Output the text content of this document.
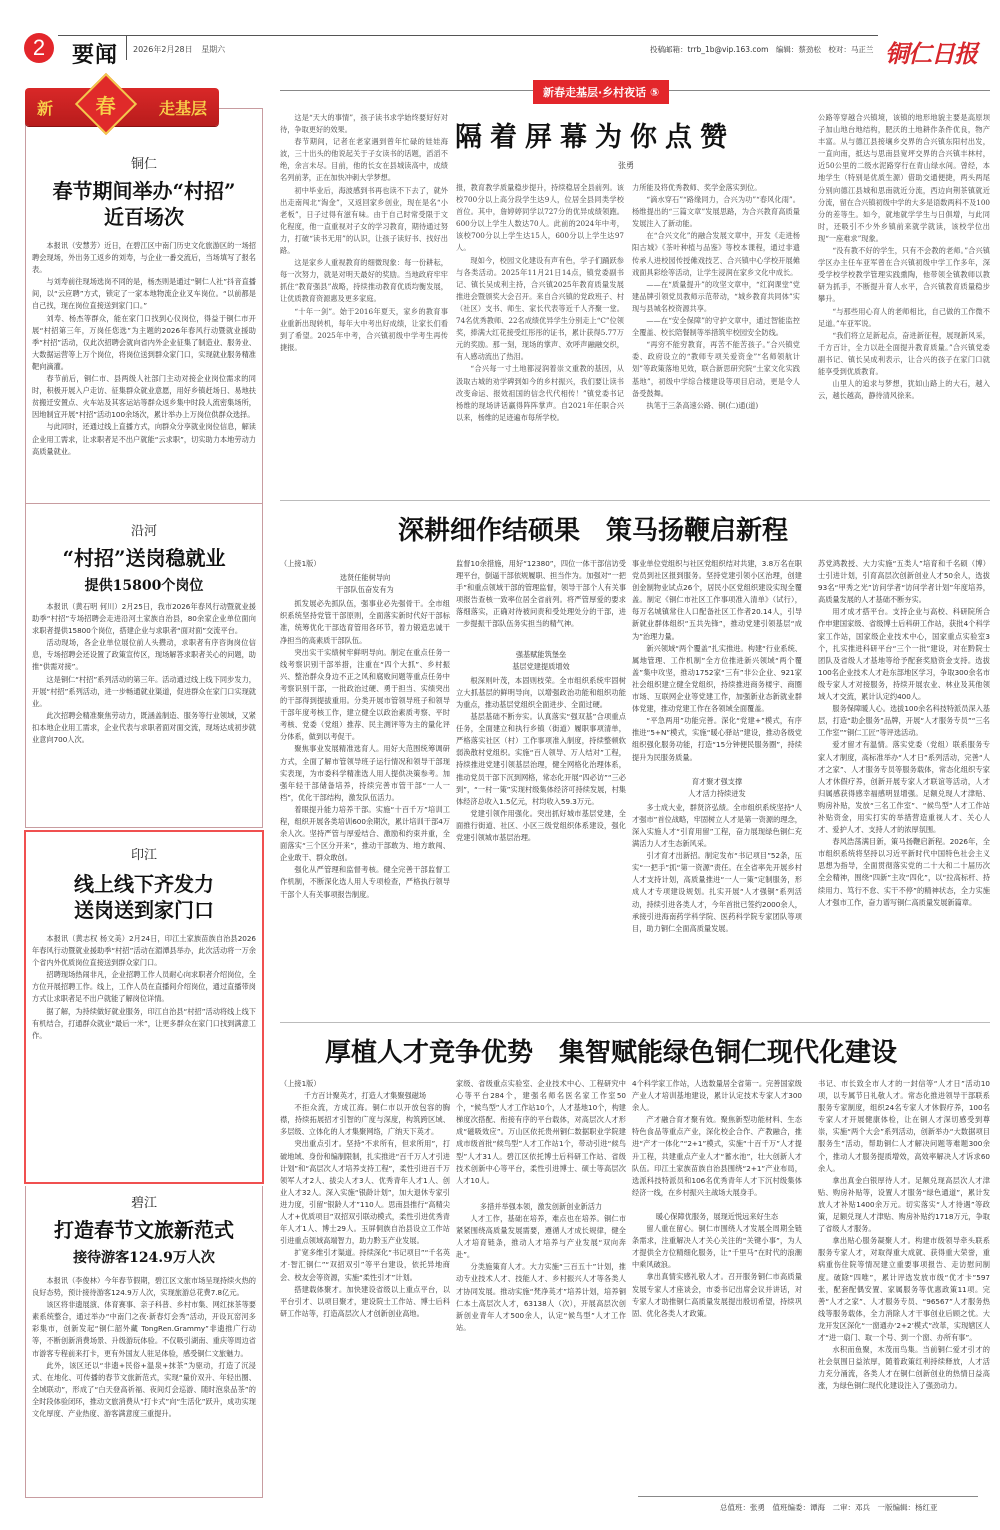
2	要闻 2026年2月28日 星期六	投稿邮箱：trrb_1b@vip.163.com　编辑：蔡劲松　校对：马正兰 铜仁日报
铜仁
春节期间举办“村招”
近百场次

本报讯（安慧芳）近日，在碧江区中南门历史文化旅游区的一场招聘会现场，外出务工返乡的刘寿，与企业一番交流后，当场填写了报名表。

与刘寿前往现场选岗不同的是，杨杰则是通过“铜仁人社”抖音直播间，以“云应聘”方式，锁定了一家本地物流企业叉车岗位。“以前都是自己找，现在岗位直接送到家门口。”

刘寿、杨杰等群众，能在家门口找到心仪岗位，得益于铜仁市开展“村招第三年，万岗任您选”为主题的2026年春风行动暨就业援助季“村招”活动，仅此次招聘会就向省内外企业征集了制造业、服务业、大数据运营等上万个岗位，将岗位送到群众家门口，实现就业服务精准靶向滴灌。

春节前后，铜仁市、县两级人社部门主动对接企业岗位需求的同时，积极开展入户走访、征集群众就业意愿，用好乡镇赶场日、易地扶贫搬迁安置点、火车站及其客运站等群众返乡集中时段人流密集场所，因地制宜开展“村招”活动100余场次，累计举办上万岗位供群众选择。

与此同时，还通过线上直播方式，向群众分享就业岗位信息，解读企业用工需求，让求职者足不出户就能“云求职”，切实助力本地劳动力高质量就业。

新 春	走基层
沿河
“村招”送岗稳就业
提供15800个岗位

本报讯（黄石明 何川）2月25日，我市2026年春风行动暨就业援助季“村招”专场招聘会走进沿河土家族自治县，80余家企业单位面向求职者提供15800个岗位，搭建企业与求职者“面对面”交流平台。

活动现场，各企业单位展位前人头攒动，求职者有序咨询岗位信息，专场招聘会还设置了政策宣传区，现场解答求职者关心的问题，助推“供需对接”。

这是铜仁“村招”系列活动的第三年。活动通过线上线下同步发力，开展“村招”系列活动，进一步畅通就业渠道，促进群众在家门口实现就业。

此次招聘会精准聚焦劳动力，既涵盖制造、服务等行业领域，又紧扣本地企业用工需求，企业代表与求职者面对面交流，现场达成初步就业意向700人次。

印江
线上线下齐发力
送岗送到家门口

本报讯（黄志权 杨文美）2月24日，印江土家族苗族自治县2026年春风行动暨就业援助季“村招”活动在湄潭县举办，此次活动将一万余个省内外优质岗位直接送到群众家门口。

招聘现场热闹非凡，企业招聘工作人员耐心向求职者介绍岗位，全方位开展招聘工作。线上，工作人员在直播间介绍岗位，通过直播带岗方式让求职者足不出户就能了解岗位详情。

据了解，为持续做好就业服务，印江自治县“村招”活动将线上线下有机结合，打通群众就业“最后一米”，让更多群众在家门口找到满意工作。

碧江
打造春节文旅新范式
接待游客124.9万人次

本报讯（李俊林）今年春节假期，碧江区文旅市场呈现持续火热的良好态势，预计接待游客124.9万人次，实现旅游总花费7.8亿元。

该区将非遗展演、体育赛事、亲子科普、乡村市集、网红抹茶等要素系统整合，通过举办“中南门之夜·新春灯会秀”活动，开设瓦窑河多彩集市，创新发起“铜仁韶外藏 TongRen.Grammy”非遗推广行动等，不断创新消费场景、升级游玩体验。不仅吸引湖南、重庆等周边省市游客专程前来打卡，更有外国友人驻足体验，感受铜仁文旅魅力。

此外，该区还以“非遗+民俗+温泉+抹茶”为驱动，打造了沉浸式、在地化、可传播的春节文旅新范式，实现“量价双升、年轻出圈、全域联动”，形成了“白天登高祈福、夜间灯会巡游、随时泡泉品茶”的全时段体验闭环，推动文旅消费从“打卡式”向“生活化”跃升，成功实现文化厚度、产业热度、游客满意度三重提升。

新春走基层·乡村夜话 ⑤
隔着屏幕为你点赞
张勇

这是“天大的事情”，孩子读书求学始终要好好对待，争取更好的效果。

春节期间，记者在老家遇到曾年忙碌的娃娃海波，三十出头的他说起关于子女读书的话题，滔滔不绝，余言未尽。目前，他的长女在县城读高中，成绩名列前茅，正在加快冲刺大学梦想。

初中毕业后，海波感到书再也读不下去了，就外出走南闯北“淘金”，又返回家乡创业，现在是名“小老板”，日子过得有滋有味。由于自己时常受限于文化程度，他一直重视对子女的学习教育，期待通过努力，打破“读书无用”的认识，让孩子读好书、找好出路。

这是家乡人重视教育的细微现象：每一份耕耘，每一次努力，就是对明天最好的奖励。当地政府牢牢抓住“教育强县”战略，持续推动教育优质均衡发展，让优质教育资源惠及更多家庭。

“十年一剑”。始于2016年夏天，家乡的教育事业重新出现转机，每年大中考出好成绩，让家长们看到了希望。2025年中考，合兴镇初级中学考生再传捷报。

报，教育教学质量稳步提升，持续稳居全县前列。该校700分以上高分段学生达9人，位居全县同类学校首位。其中，詹婷婷同学以727分的优异成绩领跑。600分以上学生人数达70人。此前的2024年中考，该校700分以上学生达15人，600分以上学生达97人。

现如今，校园文化建设有声有色，学子们踊跃参与各类活动。2025年11月21日14点，镇党委副书记、镇长吴成利主持，合兴镇2025年教育质量发展推进会暨颁奖大会召开。来自合兴镇的党政班子、村（社区）支书、师生、家长代表等近千人齐聚一堂。74名优秀教师、22名成绩优异学生分别走上“C”位领奖，捧满大红花接受红彤彤的证书，累计获得5.77万元的奖励。那一刻，现场的掌声、欢呼声融融交织，有人感动流出了热泪。

“合兴每一寸土地都浸润着崇文重教的基因，从汲取古城的劝学碑到如今的乡村振兴，我们要让读书改变命运、报效祖国的信念代代相传！”镇党委书记杨维的现场讲话赢得阵阵掌声。自2021年任职合兴以来，杨维的足迹遍布每所学校。

力所能及将优秀教师、奖学金落实到位。

“滴水穿石”“路缘同力，合兴为功”“春风化雨”。杨维提出的“三篇文章”发展思路，为合兴教育高质量发展注入了新动能。

在“合兴文化”的融合发展文章中，开发《走进杨阳古城》《茶叶种植与品鉴》等校本课程，通过非遗传承人进校园传授傩戏技艺、合兴镇中心学校开展傩戏面具彩绘等活动，让学生浸润在家乡文化中成长。

——在“质量提升”的攻坚文章中，“红润课堂”党建品牌引领党员教师示范带动，“城乡教育共同体”实现与县城名校资源共享。

——在“安全保障”的守护文章中，通过智能监控全覆盖、校长陪餐制等举措筑牢校园安全防线。

“再穷不能穷教育，再苦不能苦孩子。”合兴镇党委、政府设立的“教师专项关爱资金”“名师领航计划”等政策落地见效，联合新思研究院“土家文化实践基地”，初级中学综合楼建设等项目启动，更是令人备受鼓舞。

执笔于三条高速公路、铜(仁)通(道)

公路等穿越合兴镇境，该镇的地形地貌主要是高原坝子加山地台地结构，肥沃的土地耕作条件优良，物产丰富。从与德江县接壤乡交界的合兴镇东阳村出发，一直向南，抵达与思南县宽坪交界的合兴镇丰林村，近50公里的二级水泥路穿行在青山绿水间。曾经，本地学生（特别是优质生源）借助交通便捷，两头两尾分别向德江县城和思南就近分流，西边向荆茶镇就近分流，留在合兴镇初级中学的大多是语数两科不及100分的差等生。如今，就地就学学生与日俱增，与此同时，还吸引不少外乡镇前来就学就读，该校学位出现“一座难求”现象。

“没有教不好的学生，只有不会教的老师。”合兴镇学区办主任车亚军曾在合兴镇初级中学工作多年，深受学校学校教学管理实践熏陶，他带领全镇教师以教研为抓手，不断提升育人水平，合兴镇教育质量稳步攀升。

“与那些用心育人的老师相比，自己做的工作微不足道。”车亚军说。

“我们将立足新起点，奋进新征程，展现新风采，千方百计，全力以赴全面提升教育质量。”合兴镇党委副书记、镇长吴成利表示，让合兴的孩子在家门口就能享受到优质教育。

山里人的追求与梦想，犹如山路上的大石，越入云，越长越高，静待清风徐来。

深耕细作结硕果　策马扬鞭启新程

（上接1版）

选贤任能树导向

干部队伍奋发有为

抓发展必先抓队伍，强事业必先强骨干。全市组织系统坚持党管干部原则，全面落实新时代好干部标准，统筹优化干部选育管用各环节，着力锻造忠诚干净担当的高素质干部队伍。

突出实干实绩树牢鲜明导向。制定在重点任务一线考察识别干部举措，注重在“四个大抓”、乡村振兴、整治群众身边不正之风和腐败问题等重点任务中考察识别干部，一批政治过硬、勇于担当、实绩突出的干部得到提拔重用。分类开展市管领导班子和领导干部年度考核工作，建立健全以政治素质考察、平时考核、党委（党组）推荐、民主测评等为主的量化评分体系，做到以考促干。

聚焦事业发展精准选育人。用好大范围统筹调研方式，全面了解市管领导班子运行情况和领导干部现实表现，为市委科学精准选人用人提供决策参考。加强年轻干部储备培养，持续完善市管干部“一人一档”，优化干部结构，激发队伍活力。

着眼提升能力培养干部。实施“十百千万”培训工程，组织开展各类培训600余期次，累计培训干部4万余人次。坚持严管与厚爱结合、激励和约束并重，全面落实“三个区分开来”，推动干部敢为、地方敢闯、企业敢干、群众敢创。

强化从严管理和监督考核。健全完善干部监督工作机制，不断深化选人用人专项检查，严格执行领导干部个人有关事项报告制度。

监督10余措施，用好“12380”，四位一体干部信访受理平台，倒逼干部依规履职、担当作为。加强对“一把手”和重点领域干部的管理监督，领导干部个人有关事项报告查核一致率位居全省前列。将严管厚爱的要求落细落实，正确对待被问责和受处理处分的干部，进一步提振干部队伍务实担当的精气神。

强基赋能筑堡垒

基层党建提质增效

根深则叶茂，本固则枝荣。全市组织系统牢固树立大抓基层的鲜明导向，以增强政治功能和组织功能为重点，推动基层党组织全面进步、全面过硬。

基层基础不断夯实。认真落实“强双基”合项重点任务，全面建立和执行乡镇（街道）履职事项清单，严格落实社区（村）工作事项准入制度，持续整顿软弱涣散村党组织。实施“百人领导、万人结对”工程，持续推进党建引领基层治理，健全网格化治理体系，推动党员干部下沉到网格，常态化开展“四必访”“三必到”，“一村一策”实现村级集体经济可持续发展，村集体经济总收入1.5亿元，村均收入59.3万元。

党建引领作用强化。突出抓好城市基层党建，全面推行街道、社区、小区三级党组织体系建设，强化党建引领城市基层治理。

事业单位党组织与社区党组织结对共建，3.8万名在职党员到社区报到服务。坚持党建引领小区治理，创建创金制物业试点26个，居民小区党组织建设实现全覆盖。制定《铜仁市社区工作事项准入清单》（试行），每万名城镇常住人口配备社区工作者20.14人，引导新就业群体组织“五共先锋”，推动党建引领基层“成为”治理力量。

新兴领域“两个覆盖”扎实推进。构建“行业系统、属地管理、工作机制”全方位推进新兴领域“两个覆盖”集中攻坚，推动1752家“三有”非公企业、921家社会组织建立健全党组织，持续推进商务楼宇、商圈市场、互联网企业等党建工作，加强新业态新就业群体党建，推动党建工作在各领域全面覆盖。

“平急两用”功能完善。深化“党建+”模式，有序推进“5+N”模式，实施“暖心驿站”建设，推动各级党组织强化服务功能，打造“15分钟便民服务圈”，持续提升为民服务质量。

育才聚才强支撑

人才活力持续迸发

多士成大业，群贤济弘绩。全市组织系统坚持“人才强市”首位战略，牢固树立人才是第一资源的理念，深入实施人才“引育用留”工程，奋力展现绿色铜仁充满活力人才生态新风采。

引才育才出新招。制定发布“书记项目”52条，压实“一把手”抓“第一资源”责任。在全省率先开展乡村人才支持计划，高质量推进“一人一策”定制服务，形成人才专项建设规划。扎实开展“人才强铜”系列活动，持续引进各类人才，今年首批已签约2000余人，承接引进海南药学科学院、医药科学院专家团队等项目，助力铜仁全面高质量发展。

苏党鸿教授、大力实施“五类人”培育和千名硕（博）士引进计划，引育高层次创新创业人才50余人，选拔93名“甲秀之光”访问学者“访问学者计划”年度培养，高质量发展的人才基础不断夯实。

用才成才搭平台。支持企业与高校、科研院所合作申建国家级、省级博士后科研工作站，获批4个科学家工作站，国家级企业技术中心，国家重点实验室3个，扎实推进科研平台“三个一批”建设，对在黔院士团队及省级人才基地等给予配套奖励资金支持。选拔100名企业技术人才赴东部地区学习，争取300余名市级专家人才对接服务，持续开展农业、林业及其他领域人才交流，累计认定约400人。

服务保障暖人心。选拔100余名科技特派员深入基层，打造“助企服务”品牌，开展“人才服务专员”“三名工作室”“铜仁工匠”等评选活动。

爱才留才有温情。落实党委（党组）联系服务专家人才制度，高标准举办“人才日”系列活动，完善“人才之家”、人才服务专员等服务载体，常态化组织专家人才休假疗养，创新开展专家人才联谊等活动，人才归属感获得感幸福感明显增强。足额兑现人才津贴、购房补贴，发放“三名工作室”、“候鸟型”人才工作站补贴资金，用实打实的举措营造重视人才、关心人才、爱护人才、支持人才的浓厚氛围。

春风浩荡满目新，策马扬鞭启新程。2026年，全市组织系统将坚持以习近平新时代中国特色社会主义思想为指导，全面贯彻落实党的二十大和二十届历次全会精神，围绕“四新”主攻“四化”，以“拉高标杆、持续用力、笃行不怠、实干不停”的精神状态，全力实施人才强市工作，奋力谱写铜仁高质量发展新篇章。

厚植人才竞争优势　集智赋能绿色铜仁现代化建设

（上接1版）

千方百计聚英才，打造人才集聚强磁场

不拒众流，方成江海。铜仁市以开放包容的胸襟，持续拓展招才引智的广度与深度，构筑跨区域、多层级、立体化的人才集聚网络，广纳天下英才。

突出重点引才。坚持“不求所有，但求所用”，打破地域、身份和编制限制，扎实推进“百千万人才引进计划”和“高层次人才培养支持工程”，柔性引进百千万领军人才2人、拔尖人才3人、优秀青年人才1人、创业人才32人。深入实施“银龄计划”，加大退休专家引进力度，引留“银龄人才”110人。思南县推行“高精尖人才+优质项目”双招双引联动模式，柔性引进优秀青年人才1人、博士29人。玉屏侗族自治县设立工作站引进重点领域高端智力，助力黔玉产业发展。

扩宽多维引才渠道。持续深化“书记项目”“千名英才·智汇铜仁”“双招双引”等平台建设，依托异地商会、校友会等资源，实施“柔性引才”计划。

搭建载体聚才。加快建设省级以上重点平台，以平台引才、以项目聚才，建设院士工作站、博士后科研工作站等，打造高层次人才创新创业高地。

家级、省级重点实验室、企业技术中心、工程研究中心等平台284个，建强名师名医名家工作室50个，“候鸟型”人才工作站10个，人才基地10个，构建梯度次搭配、衔接有序的平台载体，对高层次人才形成“磁吸效应”。万山区依托贵州铜仁数据职业学院建成市级首批“候鸟型”人才工作站1个，带动引进“候鸟型”人才31人。碧江区依托博士后科研工作站、省级技术创新中心等平台，柔性引进博士、硕士等高层次人才10人。

多措并举强本领，激发创新创业新活力

人才工作，基础在培养，难点也在培养。铜仁市紧紧围绕高质量发展需要，遵循人才成长规律，健全人才培育链条，推动人才培养与产业发展“双向奔赴”。

分类施策育人才。大力实施“三百五十”计划，推动专业技术人才、技能人才、乡村振兴人才等各类人才协同发展。推动实施“梵净英才”培养计划，培养铜仁本土高层次人才，63138人（次），开展高层次创新创业青年人才500余人，认定“候鸟型”人才工作站。

4个科学家工作站，人选数量居全省第一。完善国家级产业人才培训基地建设，累计认定技术专家人才300余人。

产才融合育才聚有效。聚焦新型功能材料、生态特色食品等重点产业，深化校企合作、产教融合，推进“产才一体化”“2+1”模式，实施“十百千万”人才提升工程，共建重点产业人才“蓄水池”，壮大创新人才队伍。印江土家族苗族自治县围绕“2+1”产业布局，选派科技特派员和106名优秀青年人才下沉村级集体经济一线，在乡村振兴主战场大展身手。

暖心保障优服务，展现近悦远来好生态

留人重在留心。铜仁市围绕人才发展全周期全链条需求，注重解决人才关心关注的“关键小事”，为人才提供全方位精细化服务，让“千里马”在时代的浪潮中乘风破浪。

拿出真情实感礼敬人才。召开服务铜仁市高质量发展专家人才座谈会，市委书记出席会议并讲话，对专家人才助推铜仁高质量发展提出殷切希望，持续巩固、优化各类人才政策。

书记、市长致全市人才的一封信等“人才日”活动10项，以专属节日礼敬人才。常态化推进领导干部联系服务专家制度，组织24名专家人才休假疗养，100名专家人才开展健康体检，让在铜人才深切感受到尊崇，实施“两个大会”系列活动，创新举办“大数据项目服务生”活动，帮助铜仁人才解决问题等难题300余个，推动人才服务提质增效，高效率解决人才诉求60余人。

拿出真金白银厚待人才。足额兑现高层次人才津贴、购房补贴等，设置人才服务“绿色通道”，累计发放人才补贴1400余万元。切实落实“人才待遇”等政策，足额兑现人才津贴、购房补贴约1718万元，争取了省级人才服务。

拿出贴心服务凝聚人才。构建市级领导牵头联系服务专家人才，对取得重大成就、获得重大荣誉，重病重伤住院等情况建立重要事项报告、走访慰问制度。破除“四唯”，累计评选发放市级“优才卡”597张，配套配偶安置、家属服务等优惠政策11项。完善“人才之家”、人才服务专员、“96567”人才服务热线等服务载体，全力消除人才干事创业后顾之忧。大龙开发区深化“一窗通办‘2+2’模式”改革，实现辖区人才“进一扇门、取一个号、到一个窗、办所有事”。

水积而鱼聚，木茂而鸟集。当前铜仁爱才引才的社会氛围日益浓厚，随着政策红利持续释放，人才活力充分涌流，各类人才在铜仁创新创业的热情日益高涨，为绿色铜仁现代化建设注入了强劲动力。

总值班：张勇　值班编委：谭海　二审：邓兵　一版编辑：杨红亚
